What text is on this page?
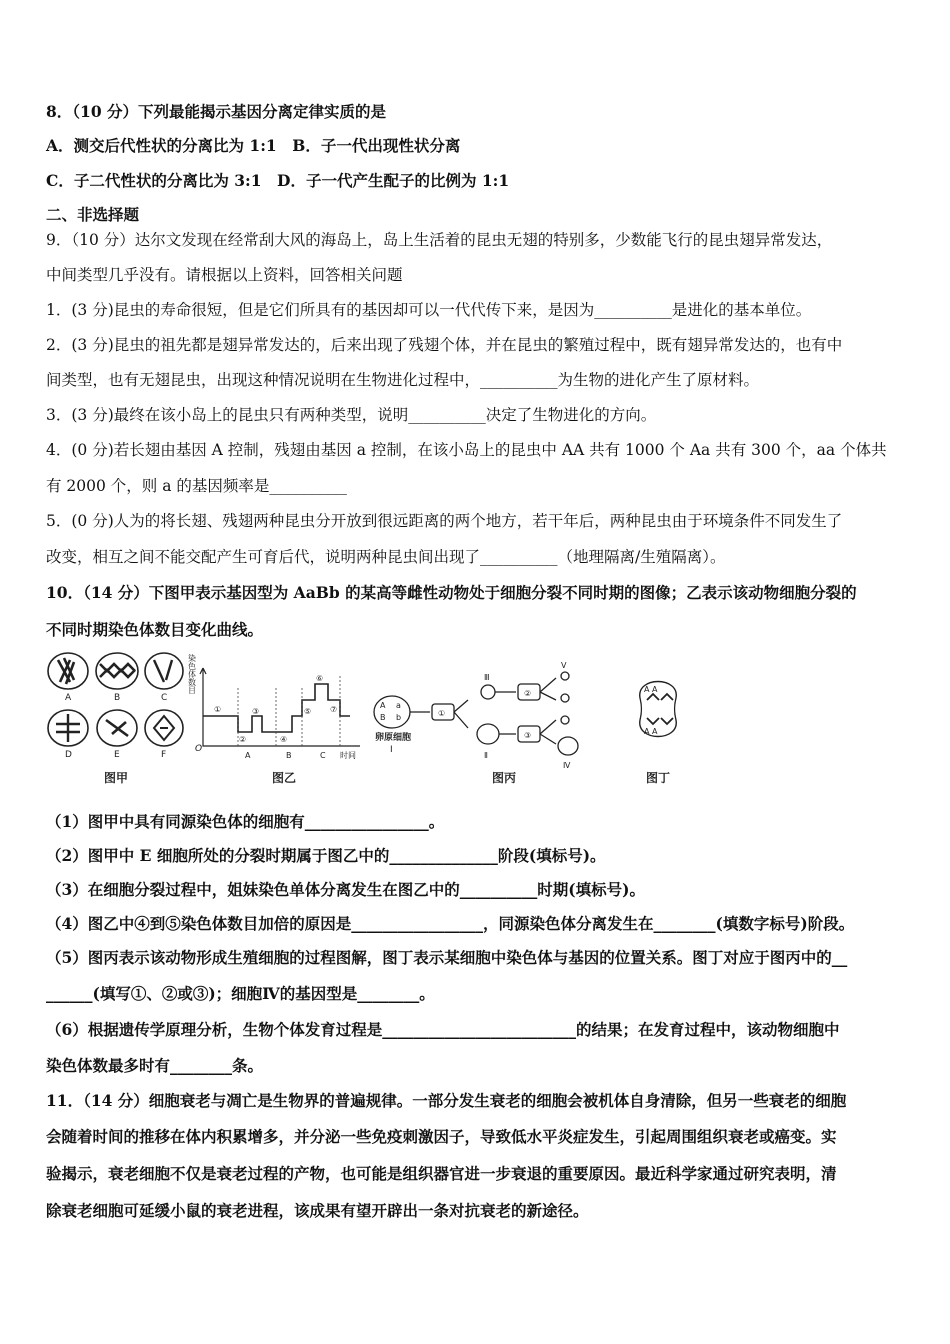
8．（10 分）下列最能揭示基因分离定律实质的是
A．测交后代性状的分离比为 1:1　B．子一代出现性状分离
C．子二代性状的分离比为 3:1　D．子一代产生配子的比例为 1:1
二、非选择题
9．（10 分）达尔文发现在经常刮大风的海岛上，岛上生活着的昆虫无翅的特别多，少数能飞行的昆虫翅异常发达，
中间类型几乎没有。请根据以上资料，回答相关问题
1．(3 分)昆虫的寿命很短，但是它们所具有的基因却可以一代代传下来，是因为__________是进化的基本单位。
2．(3 分)昆虫的祖先都是翅异常发达的，后来出现了残翅个体，并在昆虫的繁殖过程中，既有翅异常发达的，也有中
间类型，也有无翅昆虫，出现这种情况说明在生物进化过程中，__________为生物的进化产生了原材料。
3．(3 分)最终在该小岛上的昆虫只有两种类型，说明__________决定了生物进化的方向。
4．(0 分)若长翅由基因 A 控制，残翅由基因 a 控制，在该小岛上的昆虫中 AA 共有 1000 个 Aa 共有 300 个，aa 个体共
有 2000 个，则 a 的基因频率是__________
5．(0 分)人为的将长翅、残翅两种昆虫分开放到很远距离的两个地方，若干年后，两种昆虫由于环境条件不同发生了
改变，相互之间不能交配产生可育后代，说明两种昆虫间出现了__________（地理隔离/生殖隔离）。
10．（14 分）下图甲表示基因型为 AaBb 的某高等雌性动物处于细胞分裂不同时期的图像；乙表示该动物细胞分裂的
不同时期染色体数目变化曲线。
A	B	C
D	E	F
图甲
染色体数目
O
①
②
③
④
⑤
⑥
⑦
A	B	C 时间
图乙
A a
B b
卵原细胞
Ⅰ
①
②
③
Ⅱ
Ⅲ
Ⅳ
Ⅴ
图丙
A A
A A
图丁
（1）图甲中具有同源染色体的细胞有________________。
（2）图甲中 E 细胞所处的分裂时期属于图乙中的______________阶段(填标号)。
（3）在细胞分裂过程中，姐妹染色单体分离发生在图乙中的__________时期(填标号)。
（4）图乙中④到⑤染色体数目加倍的原因是_________________，同源染色体分离发生在________(填数字标号)阶段。
（5）图丙表示该动物形成生殖细胞的过程图解，图丁表示某细胞中染色体与基因的位置关系。图丁对应于图丙中的__
______(填写①、②或③)；细胞Ⅳ的基因型是________。
（6）根据遗传学原理分析，生物个体发育过程是_________________________的结果；在发育过程中，该动物细胞中
染色体数最多时有________条。
11．（14 分）细胞衰老与凋亡是生物界的普遍规律。一部分发生衰老的细胞会被机体自身清除，但另一些衰老的细胞
会随着时间的推移在体内积累增多，并分泌一些免疫刺激因子，导致低水平炎症发生，引起周围组织衰老或癌变。实
验揭示，衰老细胞不仅是衰老过程的产物，也可能是组织器官进一步衰退的重要原因。最近科学家通过研究表明，清
除衰老细胞可延缓小鼠的衰老进程，该成果有望开辟出一条对抗衰老的新途径。
